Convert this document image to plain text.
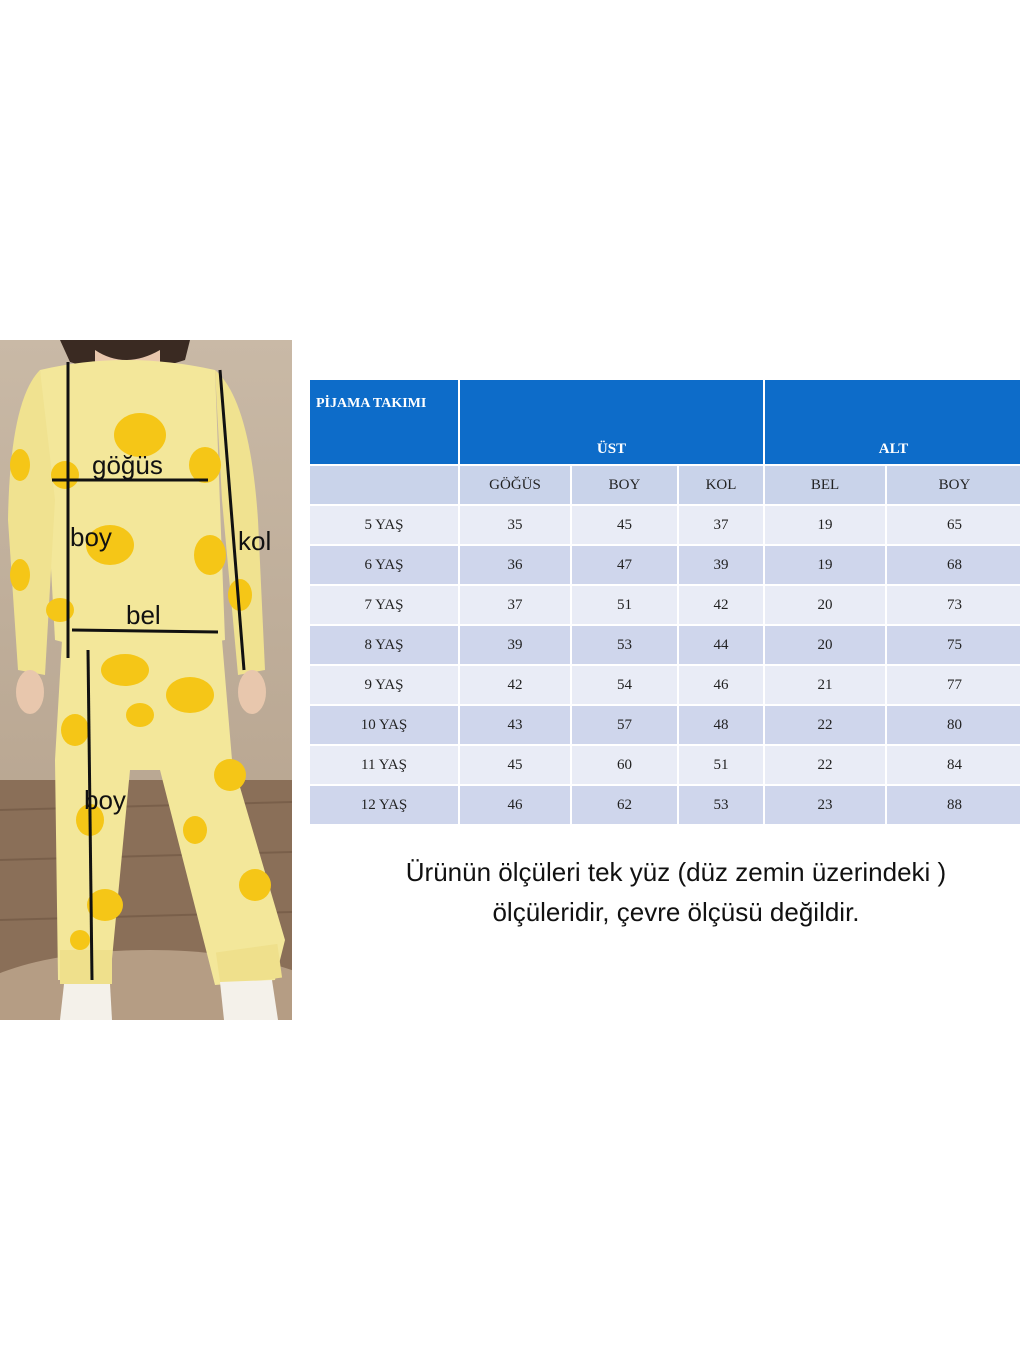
göğüs
boy	kol
bel
boy
PİJAMA TAKIMI	ÜST			ALT	
	GÖĞÜS	BOY	KOL	BEL	BOY
5 YAŞ	35	45	37	19	65
6 YAŞ	36	47	39	19	68
7 YAŞ	37	51	42	20	73
8 YAŞ	39	53	44	20	75
9 YAŞ	42	54	46	21	77
10 YAŞ	43	57	48	22	80
11 YAŞ	45	60	51	22	84
12 YAŞ	46	62	53	23	88
Ürünün ölçüleri tek yüz (düz zemin üzerindeki )
ölçüleridir, çevre ölçüsü değildir.
